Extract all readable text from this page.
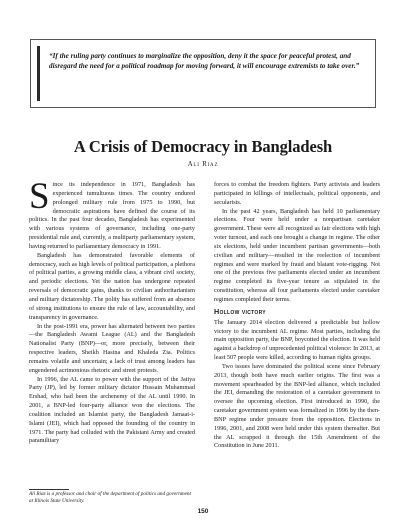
“If the ruling party continues to marginalize the opposition, deny it the space for peaceful protest, and disregard the need for a political roadmap for moving forward, it will encourage extremists to take over.”
A Crisis of Democracy in Bangladesh
Ali Riaz

Since its independence in 1971, Bangladesh has experienced tumultuous times. The country endured prolonged military rule from 1975 to 1990, but democratic aspirations have defined the course of its politics. In the past four decades, Bangladesh has experimented with various systems of governance, including one-party presidential rule and, currently, a multiparty parliamentary system, having returned to parliamentary democracy in 1991.

Bangladesh has demonstrated favorable elements of democracy, such as high levels of political participation, a plethora of political parties, a growing middle class, a vibrant civil society, and periodic elections. Yet the nation has undergone repeated reversals of democratic gains, thanks to civilian authoritarianism and military dictatorship. The polity has suffered from an absence of strong institutions to ensure the rule of law, accountability, and transparency in governance.

In the post-1991 era, power has alternated between two parties—the Bangladesh Awami League (AL) and the Bangladesh Nationalist Party (BNP)—or, more precisely, between their respective leaders, Sheikh Hasina and Khaleda Zia. Politics remains volatile and uncertain; a lack of trust among leaders has engendered acrimonious rhetoric and street protests.

In 1996, the AL came to power with the support of the Jatiya Party (JP), led by former military dictator Hussain Muhammad Ershad, who had been the archenemy of the AL until 1990. In 2001, a BNP-led four-party alliance won the elections. The coalition included an Islamist party, the Bangladesh Jamaat-i-Islami (JEI), which had opposed the founding of the country in 1971. The party had colluded with the Pakistani Army and created paramilitary

forces to combat the freedom fighters. Party activists and leaders participated in killings of intellectuals, political opponents, and secularists.

In the past 42 years, Bangladesh has held 10 parliamentary elections. Four were held under a nonpartisan caretaker government. These were all recognized as fair elections with high voter turnout, and each one brought a change in regime. The other six elections, held under incumbent partisan governments—both civilian and military—resulted in the reelection of incumbent regimes and were marked by fraud and blatant vote-rigging. Not one of the previous five parliaments elected under an incumbent regime completed its five-year tenure as stipulated in the constitution, whereas all four parliaments elected under caretaker regimes completed their terms.

Hollow victory

The January 2014 election delivered a predictable but hollow victory to the incumbent AL regime. Most parties, including the main opposition party, the BNP, boycotted the election. It was held against a backdrop of unprecedented political violence: In 2013, at least 507 people were killed, according to human rights groups.

Two issues have dominated the political scene since February 2013, though both have much earlier origins. The first was a movement spearheaded by the BNP-led alliance, which included the JEI, demanding the restoration of a caretaker government to oversee the upcoming election. First introduced in 1990, the caretaker government system was formalized in 1996 by the then-BNP regime under pressure from the opposition. Elections in 1996, 2001, and 2008 were held under this system thereafter. But the AL scrapped it through the 15th Amendment of the Constitution in June 2011.

Ali Riaz is a professor and chair of the department of politics and government at Illinois State University.
150
